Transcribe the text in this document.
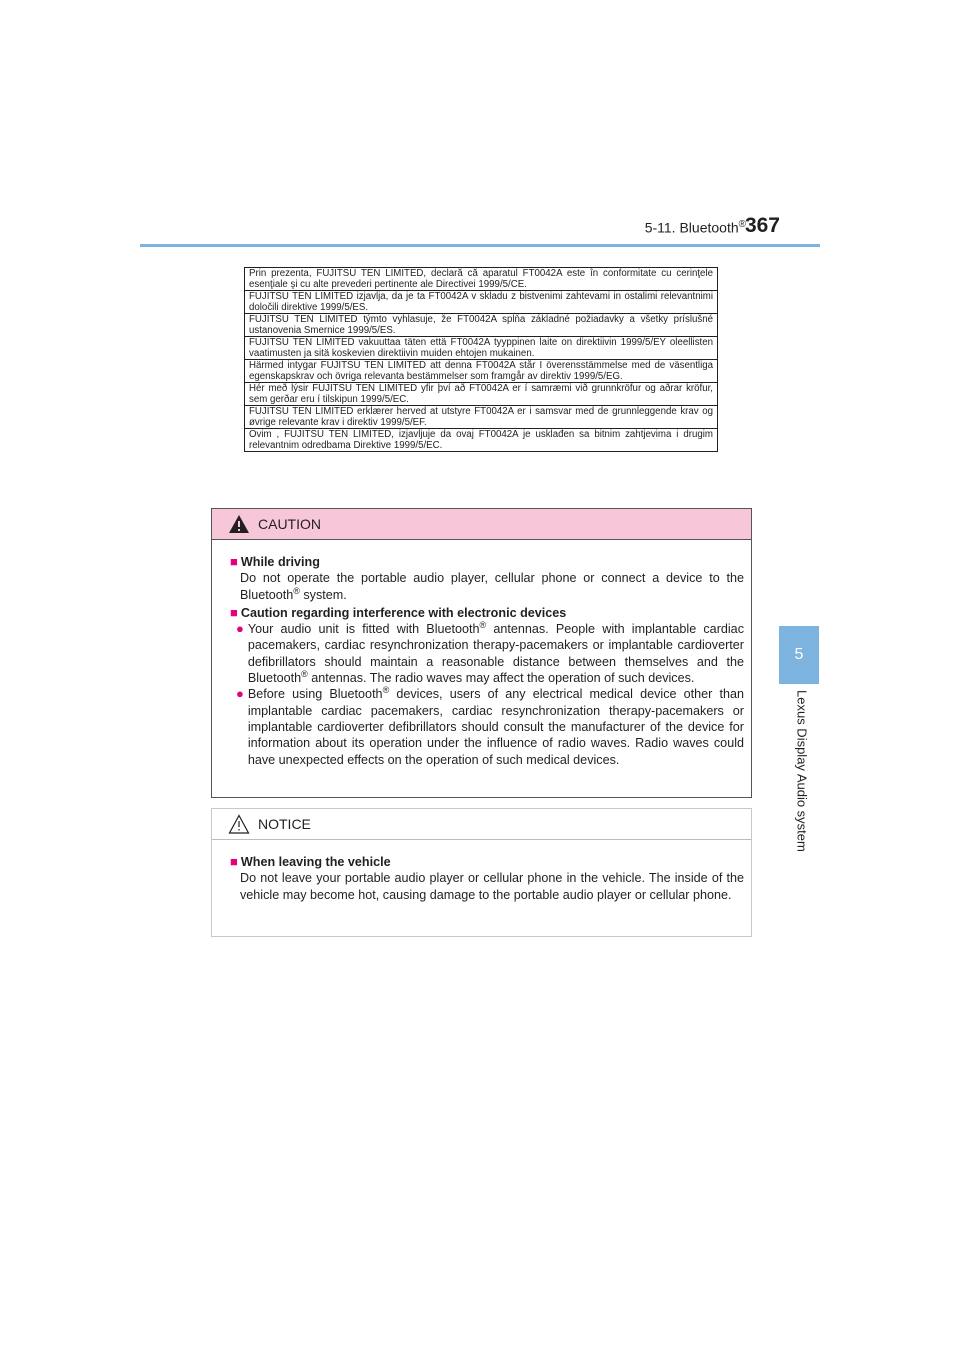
5-11. Bluetooth®
367
5
Lexus Display Audio system
Prin prezenta, FUJITSU TEN LIMITED, declară că aparatul FT0042A este în conformitate cu cerinţele esenţiale şi cu alte prevederi pertinente ale Directivei 1999/5/CE.
FUJITSU TEN LIMITED izjavlja, da je ta FT0042A v skladu z bistvenimi zahtevami in ostalimi relevantnimi določili direktive 1999/5/ES.
FUJITSU TEN LIMITED týmto vyhlasuje, že FT0042A spĺňa základné požiadavky a všetky príslušné ustanovenia Smernice 1999/5/ES.
FUJITSU TEN LIMITED vakuuttaa täten että FT0042A tyyppinen laite on direktiivin 1999/5/EY oleellisten vaatimusten ja sitä koskevien direktiivin muiden ehtojen mukainen.
Härmed intygar FUJITSU TEN LIMITED att denna FT0042A står I överensstämmelse med de väsentliga egenskapskrav och övriga relevanta bestämmelser som framgår av direktiv 1999/5/EG.
Hér með lýsir FUJITSU TEN LIMITED yfir því að FT0042A er í samræmi við grunnkröfur og aðrar kröfur, sem gerðar eru í tilskipun 1999/5/EC.
FUJITSU TEN LIMITED erklærer herved at utstyre FT0042A er i samsvar med de grunnleggende krav og øvrige relevante krav i direktiv 1999/5/EF.
Ovim , FUJITSU TEN LIMITED, izjavljuje da ovaj FT0042A je usklađen sa bitnim zahtjevima i drugim relevantnim odredbama Direktive 1999/5/EC.
CAUTION
■ While driving
Do not operate the portable audio player, cellular phone or connect a device to the Bluetooth® system.
■ Caution regarding interference with electronic devices
● Your audio unit is fitted with Bluetooth® antennas. People with implantable cardiac pacemakers, cardiac resynchronization therapy-pacemakers or implantable cardioverter defibrillators should maintain a reasonable distance between themselves and the Bluetooth® antennas. The radio waves may affect the operation of such devices.
● Before using Bluetooth® devices, users of any electrical medical device other than implantable cardiac pacemakers, cardiac resynchronization therapy-pacemakers or implantable cardioverter defibrillators should consult the manufacturer of the device for information about its operation under the influence of radio waves. Radio waves could have unexpected effects on the operation of such medical devices.
NOTICE
■ When leaving the vehicle
Do not leave your portable audio player or cellular phone in the vehicle. The inside of the vehicle may become hot, causing damage to the portable audio player or cellular phone.
